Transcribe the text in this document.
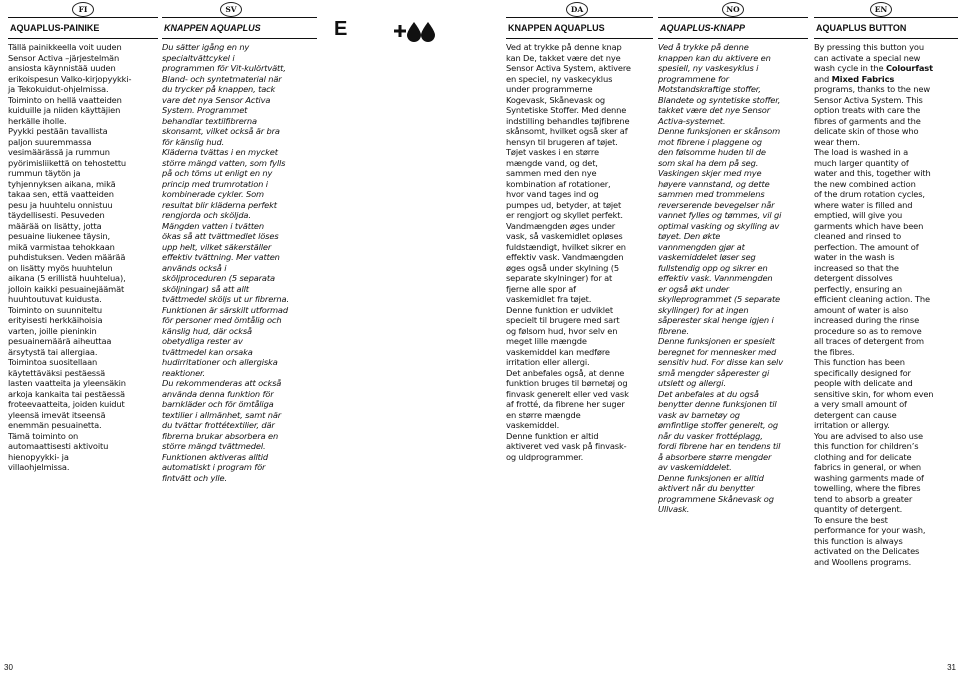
FI
AQUAPLUS-PAINIKE
Tällä painikkeella voit uuden
Sensor Activa –järjestelmän
ansiosta käynnistää uuden
erikoispesun Valko-kirjopyykki-
ja Tekokuidut-ohjelmissa.
Toiminto on hellä vaatteiden
kuiduille ja niiden käyttäjien
herkälle iholle.
Pyykki pestään tavallista
paljon suuremmassa
vesimäärässä ja rummun
pyörimisliikettä on tehostettu
rummun täytön ja
tyhjennyksen aikana, mikä
takaa sen, että vaatteiden
pesu ja huuhtelu onnistuu
täydellisesti. Pesuveden
määrää on lisätty, jotta
pesuaine liukenee täysin,
mikä varmistaa tehokkaan
puhdistuksen. Veden määrää
on lisätty myös huuhtelun
aikana (5 erillistä huuhtelua),
jolloin kaikki pesuainejäämät
huuhtoutuvat kuidusta.
Toiminto on suunniteltu
erityisesti herkkäihoisia
varten, joille pieninkin
pesuainemäärä aiheuttaa
ärsytystä tai allergiaa.
Toimintoa suositellaan
käytettäväksi pestäessä
lasten vaatteita ja yleensäkin
arkoja kankaita tai pestäessä
froteevaatteita, joiden kuidut
yleensä imevät itseensä
enemmän pesuainetta.
Tämä toiminto on
automaattisesti aktivoitu
hienopyykki- ja
villaohjelmissa.
SV
KNAPPEN AQUAPLUS
Du sätter igång en ny
specialtvättcykel i
programmen för Vit-kulörtvätt,
Bland- och syntetmaterial när
du trycker på knappen, tack
vare det nya Sensor Activa
System. Programmet
behandlar textilfibrerna
skonsamt, vilket också är bra
för känslig hud.
Kläderna tvättas i en mycket
större mängd vatten, som fylls
på och töms ut enligt en ny
princip med trumrotation i
kombinerade cykler. Som
resultat blir kläderna perfekt
rengjorda och sköljda.
Mängden vatten i tvätten
ökas så att tvättmedlet löses
upp helt, vilket säkerställer
effektiv tvättning. Mer vatten
används också i
sköljproceduren (5 separata
sköljningar) så att allt
tvättmedel sköljs ut ur fibrerna.
Funktionen är särskilt utformad
för personer med ömtålig och
känslig hud, där också
obetydliga rester av
tvättmedel kan orsaka
hudirritationer och allergiska
reaktioner.
Du rekommenderas att också
använda denna funktion för
barnkläder och för ömtåliga
textilier i allmänhet, samt när
du tvättar frottétextilier, där
fibrerna brukar absorbera en
större mängd tvättmedel.
Funktionen aktiveras alltid
automatiskt i program för
fintvätt och ylle.
E
30
DA
KNAPPEN AQUAPLUS
Ved at trykke på denne knap
kan De, takket være det nye
Sensor Activa System, aktivere
en speciel, ny vaskecyklus
under programmerne
Kogevask, Skånevask og
Syntetiske Stoffer. Med denne
indstilling behandles tøjfibrene
skånsomt, hvilket også sker af
hensyn til brugeren af tøjet.
Tøjet vaskes i en større
mængde vand, og det,
sammen med den nye
kombination af rotationer,
hvor vand tages ind og
pumpes ud, betyder, at tøjet
er rengjort og skyllet perfekt.
Vandmængden øges under
vask, så vaskemidlet opløses
fuldstændigt, hvilket sikrer en
effektiv vask. Vandmængden
øges også under skylning (5
separate skylninger) for at
fjerne alle spor af
vaskemidlet fra tøjet.
Denne funktion er udviklet
specielt til brugere med sart
og følsom hud, hvor selv en
meget lille mængde
vaskemiddel kan medføre
irritation eller allergi.
Det anbefales også, at denne
funktion bruges til børnetøj og
finvask generelt eller ved vask
af frotté, da fibrene her suger
en større mængde
vaskemiddel.
Denne funktion er altid
aktiveret ved vask på finvask-
og uldprogrammer.
NO
AQUAPLUS-KNAPP
Ved å trykke på denne
knappen kan du aktivere en
spesiell, ny vaskesyklus i
programmene for
Motstandskraftige stoffer,
Blandete og syntetiske stoffer,
takket være det nye Sensor
Activa-systemet.
Denne funksjonen er skånsom
mot fibrene i plaggene og
den følsomme huden til de
som skal ha dem på seg.
Vaskingen skjer med mye
høyere vannstand, og dette
sammen med trommelens
reverserende bevegelser når
vannet fylles og tømmes, vil gi
optimal vasking og skylling av
tøyet. Den økte
vannmengden gjør at
vaskemiddelet løser seg
fullstendig opp og sikrer en
effektiv vask. Vannmengden
er også økt under
skylleprogrammet (5 separate
skyllinger) for at ingen
såperester skal henge igjen i
fibrene.
Denne funksjonen er spesielt
beregnet for mennesker med
sensitiv hud. For disse kan selv
små mengder såperester gi
utslett og allergi.
Det anbefales at du også
benytter denne funksjonen til
vask av barnetøy og
ømfintlige stoffer generelt, og
når du vasker frottéplagg,
fordi fibrene har en tendens til
å absorbere større mengder
av vaskemiddelet.
Denne funksjonen er alltid
aktivert når du benytter
programmene Skånevask og
Ullvask.
EN
AQUAPLUS BUTTON
By pressing this button you
can activate a special new
wash cycle in the Colourfast
and Mixed Fabrics
programs, thanks to the new
Sensor Activa System. This
option treats with care the
fibres of garments and the
delicate skin of those who
wear them.
The load is washed in a
much larger quantity of
water and this, together with
the new combined action
of the drum rotation cycles,
where water is filled and
emptied, will give you
garments which have been
cleaned and rinsed to
perfection. The amount of
water in the wash is
increased so that the
detergent dissolves
perfectly, ensuring an
efficient cleaning action. The
amount of water is also
increased during the rinse
procedure so as to remove
all traces of detergent from
the fibres.
This function has been
specifically designed for
people with delicate and
sensitive skin, for whom even
a very small amount of
detergent can cause
irritation or allergy.
You are advised to also use
this function for children’s
clothing and for delicate
fabrics in general, or when
washing garments made of
towelling, where the fibres
tend to absorb a greater
quantity of detergent.
To ensure the best
performance for your wash,
this function is always
activated on the Delicates
and Woollens programs.
31
